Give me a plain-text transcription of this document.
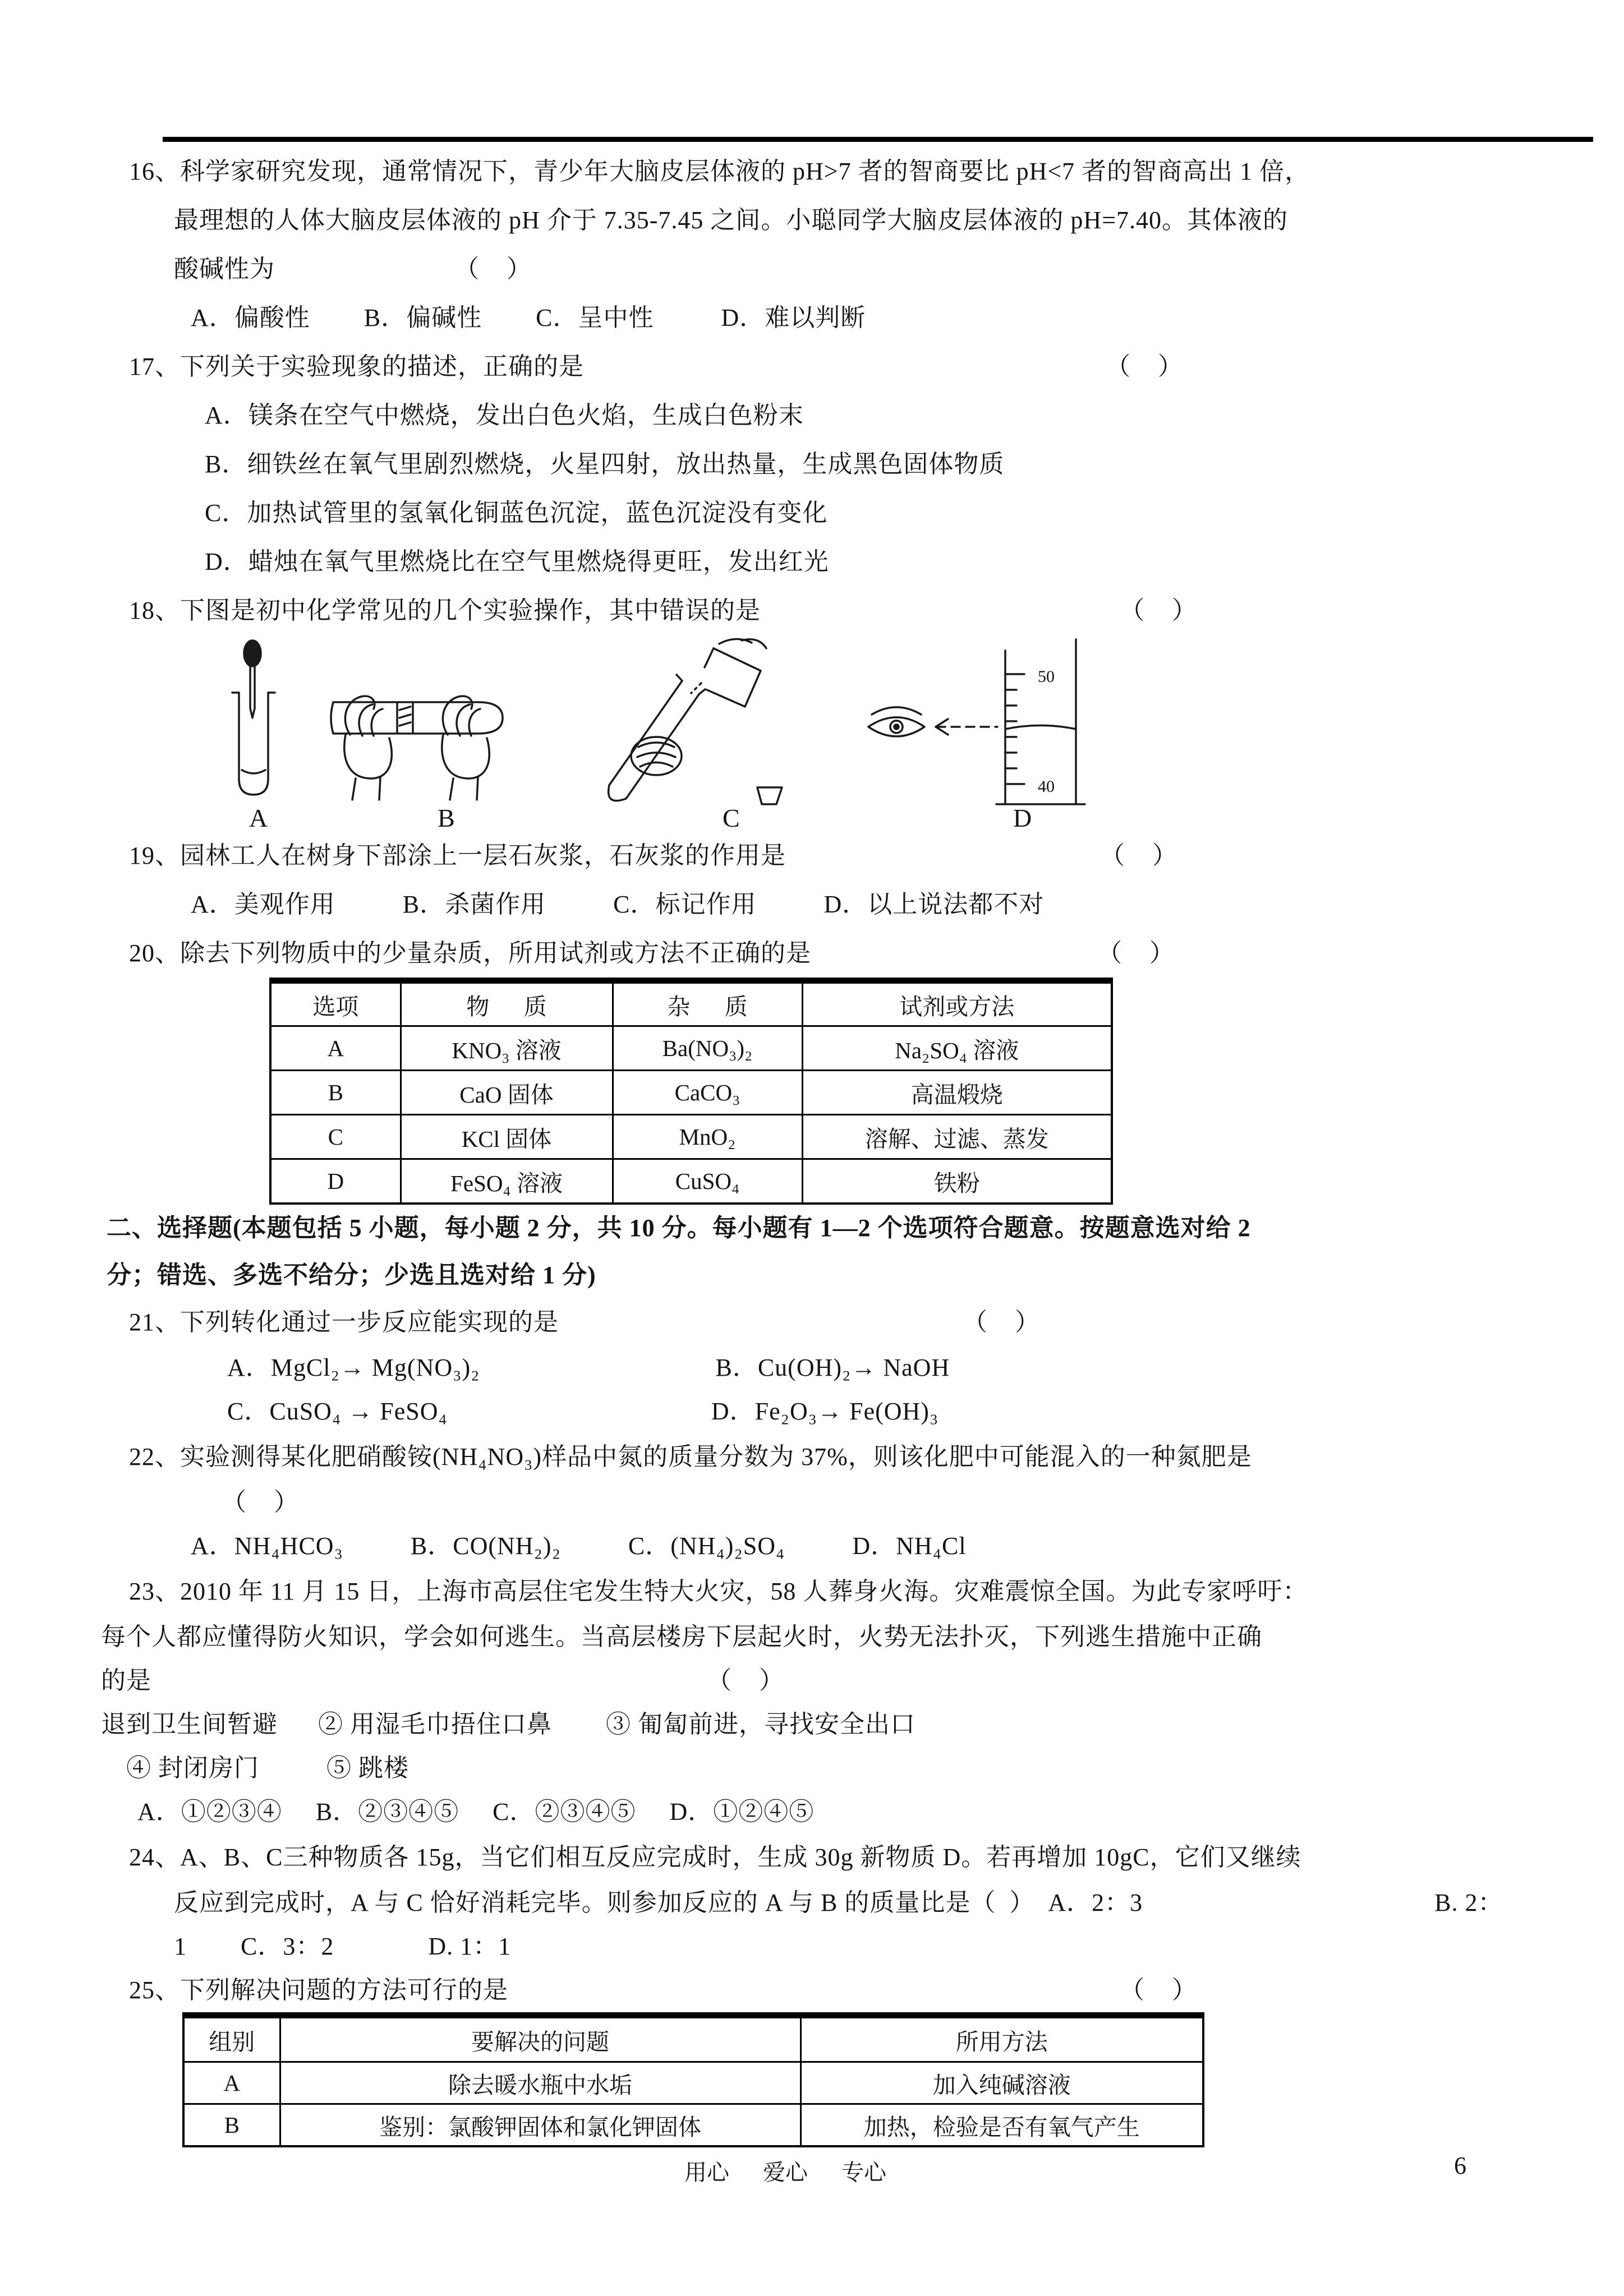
16、科学家研究发现，通常情况下，青少年大脑皮层体液的 pH>7 者的智商要比 pH<7 者的智商高出 1 倍，
最理想的人体大脑皮层体液的 pH 介于 7.35-7.45 之间。小聪同学大脑皮层体液的 pH=7.40。其体液的
酸碱性为	（    ）
A．偏酸性        B．偏碱性        C．呈中性          D．难以判断
17、下列关于实验现象的描述，正确的是	（    ）
A．镁条在空气中燃烧，发出白色火焰，生成白色粉末
B．细铁丝在氧气里剧烈燃烧，火星四射，放出热量，生成黑色固体物质
C．加热试管里的氢氧化铜蓝色沉淀，蓝色沉淀没有变化
D．蜡烛在氧气里燃烧比在空气里燃烧得更旺，发出红光
18、下图是初中化学常见的几个实验操作，其中错误的是	（    ）
50
40
A	B	C	D
19、园林工人在树身下部涂上一层石灰浆，石灰浆的作用是	（    ）
A．美观作用          B．杀菌作用          C．标记作用          D．以上说法都不对
20、除去下列物质中的少量杂质，所用试剂或方法不正确的是	（    ）
选项	物      质	杂      质	试剂或方法
A	KNO₃ 溶液	Ba(NO₃)₂	Na₂SO₄ 溶液
B	CaO 固体	CaCO₃	高温煅烧
C	KCl 固体	MnO₂	溶解、过滤、蒸发
D	FeSO₄ 溶液	CuSO₄	铁粉
二、选择题(本题包括 5 小题，每小题 2 分，共 10 分。每小题有 1—2 个选项符合题意。按题意选对给 2
分；错选、多选不给分；少选且选对给 1 分)
21、下列转化通过一步反应能实现的是	（    ）
A．MgCl₂→ Mg(NO₃)₂	B．Cu(OH)₂→ NaOH
C．CuSO₄ → FeSO₄	D．Fe₂O₃→ Fe(OH)₃
22、实验测得某化肥硝酸铵(NH₄NO₃)样品中氮的质量分数为 37%，则该化肥中可能混入的一种氮肥是
（    ）
A．NH₄HCO₃          B．CO(NH₂)₂          C．(NH₄)₂SO₄          D．NH₄Cl
23、2010 年 11 月 15 日，上海市高层住宅发生特大火灾，58 人葬身火海。灾难震惊全国。为此专家呼吁：
每个人都应懂得防火知识，学会如何逃生。当高层楼房下层起火时，火势无法扑灭，下列逃生措施中正确
的是	（    ）
退到卫生间暂避      ② 用湿毛巾捂住口鼻        ③ 匍匐前进，寻找安全出口
④ 封闭房门          ⑤ 跳楼
A．①②③④     B．②③④⑤     C．②③④⑤     D．①②④⑤
24、A、B、C三种物质各 15g，当它们相互反应完成时，生成 30g 新物质 D。若再增加 10gC，它们又继续
反应到完成时，A 与 C 恰好消耗完毕。则参加反应的 A 与 B 的质量比是（  ）  A．2：3	B. 2：
1        C．3：2              D. 1：1
25、下列解决问题的方法可行的是	（    ）
组别	要解决的问题	所用方法
A	除去暖水瓶中水垢	加入纯碱溶液
B	鉴别：氯酸钾固体和氯化钾固体	加热，检验是否有氧气产生
用心      爱心      专心	6
